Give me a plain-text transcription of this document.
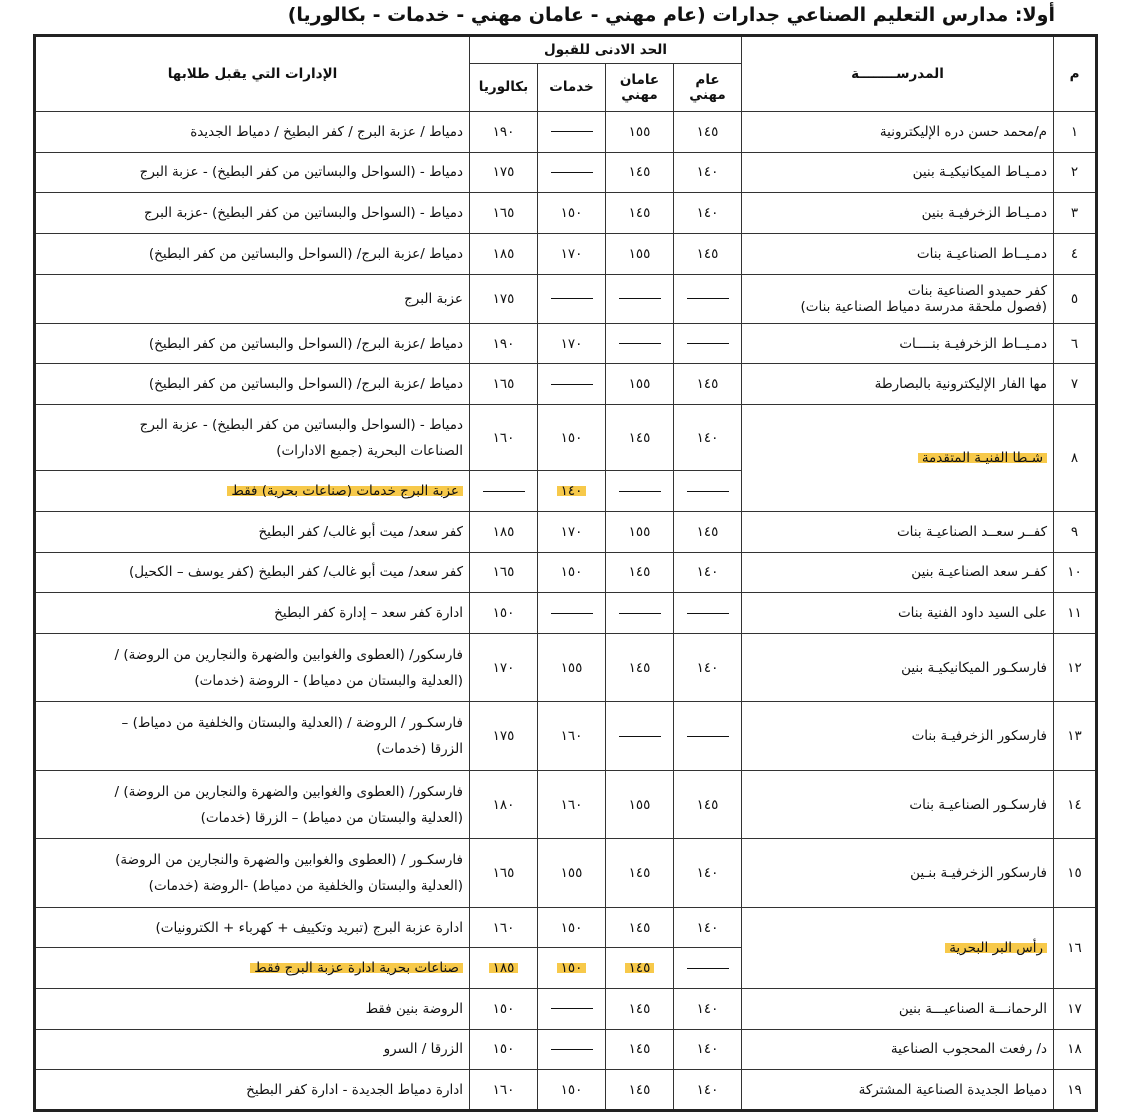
أولا: مدارس التعليم الصناعي جدارات (عام مهني - عامان مهني - خدمات - بكالوريا)
م	المدرســــــــة	الحد الادنى للقبول				الإدارات التي يقبل طلابها
		عام مهني	عامان مهني	خدمات	بكالوريا	
١	م/محمد حسن دره الإليكترونية	١٤٥	١٥٥		١٩٠	دمياط / عزبة البرج / كفر البطيخ / دمياط الجديدة
٢	دمـيـاط الميكانيكيـة بنين	١٤٠	١٤٥		١٧٥	دمياط - (السواحل والبساتين من كفر البطيخ) - عزبة البرج
٣	دمـيـاط الزخرفيـة بنين	١٤٠	١٤٥	١٥٠	١٦٥	دمياط - (السواحل والبساتين من كفر البطيخ) -عزبة البرج
٤	دمـيــاط الصناعيـة بنات	١٤٥	١٥٥	١٧٠	١٨٥	دمياط /عزبة البرج/ (السواحل والبساتين من كفر البطيخ)
٥	كفر حميدو الصناعية بنات
(فصول ملحقة مدرسة دمياط الصناعية بنات)				١٧٥	عزبة البرج
٦	دمـيــاط الزخرفيـة بنــــات			١٧٠	١٩٠	دمياط /عزبة البرج/ (السواحل والبساتين من كفر البطيخ)
٧	مها الفار الإليكترونية بالبصارطة	١٤٥	١٥٥		١٦٥	دمياط /عزبة البرج/ (السواحل والبساتين من كفر البطيخ)
٨	شـطا الفنيـة المتقدمة	١٤٠	١٤٥	١٥٠	١٦٠	دمياط - (السواحل والبساتين من كفر البطيخ) - عزبة البرج
الصناعات البحرية (جميع الادارات)
				١٤٠		عزبة البرج خدمات (صناعات بحرية) فقط
٩	كفــر سعــد الصناعيـة بنات	١٤٥	١٥٥	١٧٠	١٨٥	كفر سعد/ ميت أبو غالب/ كفر البطيخ
١٠	كفـر سعد الصناعيـة بنين	١٤٠	١٤٥	١٥٠	١٦٥	كفر سعد/ ميت أبو غالب/ كفر البطيخ (كفر يوسف – الكحيل)
١١	على السيد داود الفنية بنات				١٥٠	ادارة كفر سعد – إدارة كفر البطيخ
١٢	فارسكـور الميكانيكيـة بنين	١٤٠	١٤٥	١٥٥	١٧٠	فارسكور/ (العطوى والغوابين والضهرة والنجارين من الروضة) /
(العدلية والبستان من دمياط) - الروضة (خدمات)
١٣	فارسكور الزخرفيـة بنات			١٦٠	١٧٥	فارسكـور / الروضة / (العدلية والبستان والخلفية من دمياط) –
الزرقا (خدمات)
١٤	فارسكـور الصناعيـة بنات	١٤٥	١٥٥	١٦٠	١٨٠	فارسكور/ (العطوى والغوابين والضهرة والنجارين من الروضة) /
(العدلية والبستان من دمياط) – الزرقا (خدمات)
١٥	فارسكور الزخرفيـة بنـين	١٤٠	١٤٥	١٥٥	١٦٥	فارسكـور / (العطوى والغوابين والضهرة والنجارين من الروضة)
(العدلية والبستان والخلفية من دمياط) -الروضة (خدمات)
١٦	رأس البر البحرية	١٤٠	١٤٥	١٥٠	١٦٠	ادارة عزبة البرج (تبريد وتكييف + كهرباء + الكترونيات)
			١٤٥	١٥٠	١٨٥	صناعات بحرية ادارة عزبة البرج فقط
١٧	الرحمانـــة الصناعيـــة بنين	١٤٠	١٤٥		١٥٠	الروضة بنين فقط
١٨	د/ رفعت المحجوب الصناعية	١٤٠	١٤٥		١٥٠	الزرقا / السرو
١٩	دمياط الجديدة الصناعية المشتركة	١٤٠	١٤٥	١٥٠	١٦٠	ادارة دمياط الجديدة - ادارة كفر البطيخ
